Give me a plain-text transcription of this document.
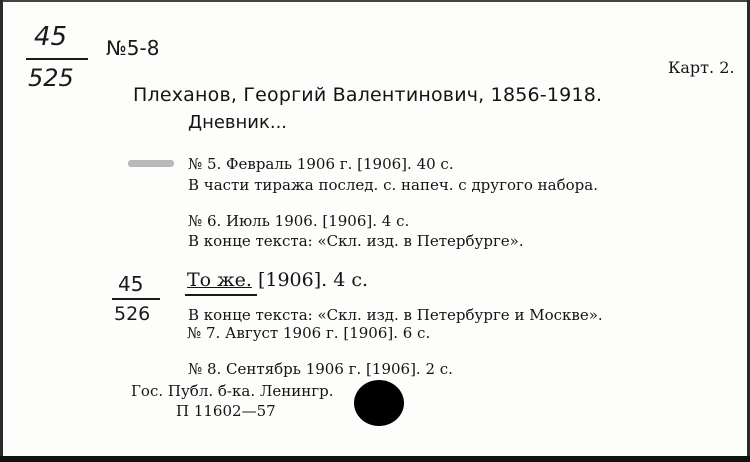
45
525
№5-8
Карт. 2.
Плеханов, Георгий Валентинович, 1856-1918.
Дневник...
№ 5. Февраль 1906 г. [1906]. 40 с.
В части тиража послед. с. напеч. с другого набора.
№ 6. Июль 1906. [1906]. 4 с.
В конце текста: «Скл. изд. в Петербурге».
45
526
То же. [1906]. 4 с.
В конце текста: «Скл. изд. в Петербурге и Москве».
№ 7. Август 1906 г. [1906]. 6 с.
№ 8. Сентябрь 1906 г. [1906]. 2 с.
Гос. Публ. б-ка. Ленингр.
П 11602—57
